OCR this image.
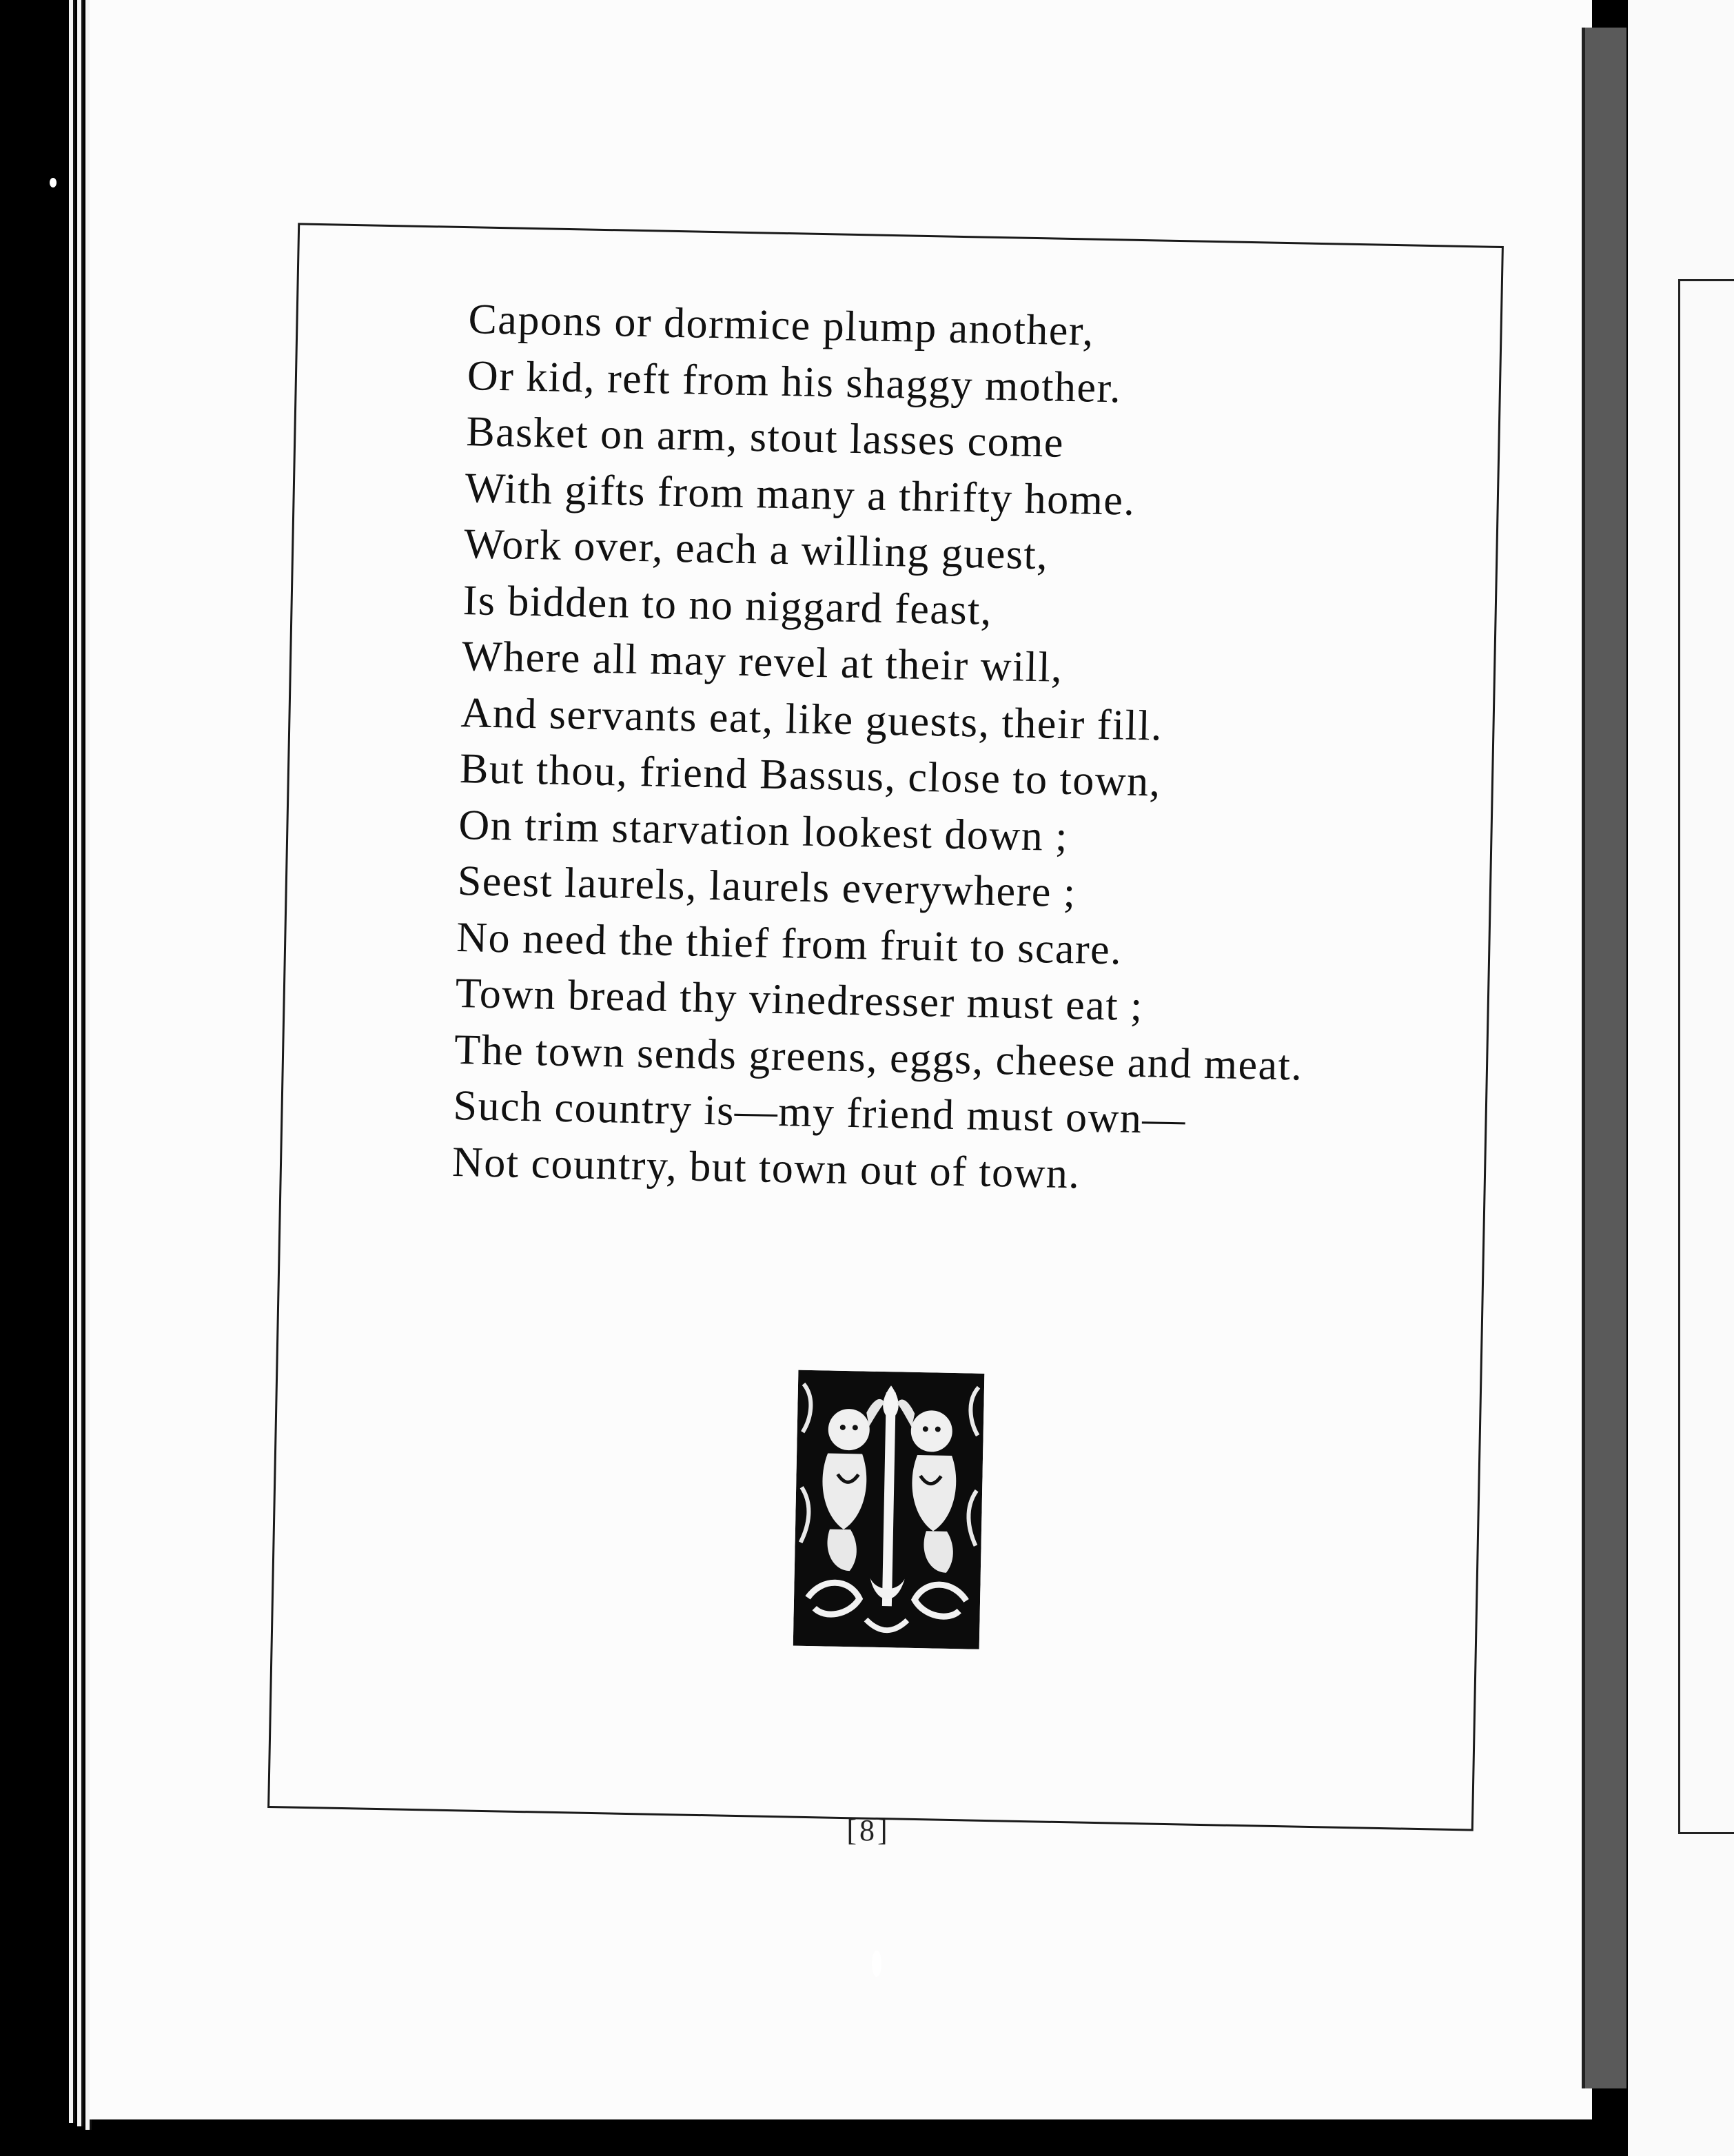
Capons or dormice plump another,
Or kid, reft from his shaggy mother.
Basket on arm, stout lasses come
With gifts from many a thrifty home.
Work over, each a willing guest,
Is bidden to no niggard feast,
Where all may revel at their will,
And servants eat, like guests, their fill.
But thou, friend Bassus, close to town,
On trim starvation lookest down ;
Seest laurels, laurels everywhere ;
No need the thief from fruit to scare.
Town bread thy vinedresser must eat ;
The town sends greens, eggs, cheese and meat.
Such country is—my friend must own—
Not country, but town out of town.
[8]
